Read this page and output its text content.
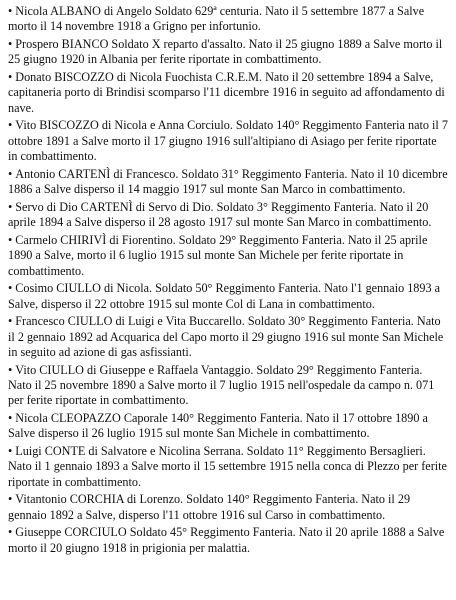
• Nicola ALBANO di Angelo Soldato 629ª centuria. Nato il 5 settembre 1877 a Salve morto il 14 novembre 1918 a Grigno per infortunio.
• Prospero BIANCO Soldato X reparto d'assalto. Nato il 25 giugno 1889 a Salve morto il 25 giugno 1920 in Albania per ferite riportate in combattimento.
• Donato BISCOZZO di Nicola Fuochista C.R.E.M. Nato il 20 settembre 1894 a Salve, capitaneria porto di Brindisi scomparso l'11 dicembre 1916 in seguito ad affondamento di nave.
• Vito BISCOZZO di Nicola e Anna Corciulo. Soldato 140° Reggimento Fanteria nato il 7 ottobre 1891 a Salve morto il 17 giugno 1916 sull'altipiano di Asiago per ferite riportate in combattimento.
• Antonio CARTENÌ di Francesco. Soldato 31° Reggimento Fanteria. Nato il 10 dicembre 1886 a Salve disperso il 14 maggio 1917 sul monte San Marco in combattimento.
• Servo di Dio CARTENÌ di Servo di Dio. Soldato 3° Reggimento Fanteria. Nato il 20 aprile 1894 a Salve disperso il 28 agosto 1917 sul monte San Marco in combattimento.
• Carmelo CHIRIVÌ di Fiorentino. Soldato 29° Reggimento Fanteria. Nato il 25 aprile 1890 a Salve, morto il 6 luglio 1915 sul monte San Michele per ferite riportate in combattimento.
• Cosimo CIULLO di Nicola. Soldato 50° Reggimento Fanteria. Nato l'1 gennaio 1893 a Salve, disperso il 22 ottobre 1915 sul monte Col di Lana in combattimento.
• Francesco CIULLO di Luigi e Vita Buccarello. Soldato 30° Reggimento Fanteria. Nato il 2 gennaio 1892 ad Acquarica del Capo morto il 29 giugno 1916 sul monte San Michele in seguito ad azione di gas asfissianti.
• Vito CIULLO di Giuseppe e Raffaela Vantaggio. Soldato 29° Reggimento Fanteria. Nato il 25 novembre 1890 a Salve morto il 7 luglio 1915 nell'ospedale da campo n. 071 per ferite riportate in combattimento.
• Nicola CLEOPAZZO Caporale 140° Reggimento Fanteria. Nato il 17 ottobre 1890 a Salve disperso il 26 luglio 1915 sul monte San Michele in combattimento.
• Luigi CONTE di Salvatore e Nicolina Serrana. Soldato 11° Reggimento Bersaglieri. Nato il 1 gennaio 1893 a Salve morto il 15 settembre 1915 nella conca di Plezzo per ferite riportate in combattimento.
• Vitantonio CORCHIA di Lorenzo. Soldato 140° Reggimento Fanteria. Nato il 29 gennaio 1892 a Salve, disperso l'11 ottobre 1916 sul Carso in combattimento.
• Giuseppe CORCIULO Soldato 45° Reggimento Fanteria. Nato il 20 aprile 1888 a Salve morto il 20 giugno 1918 in prigionia per malattia.
